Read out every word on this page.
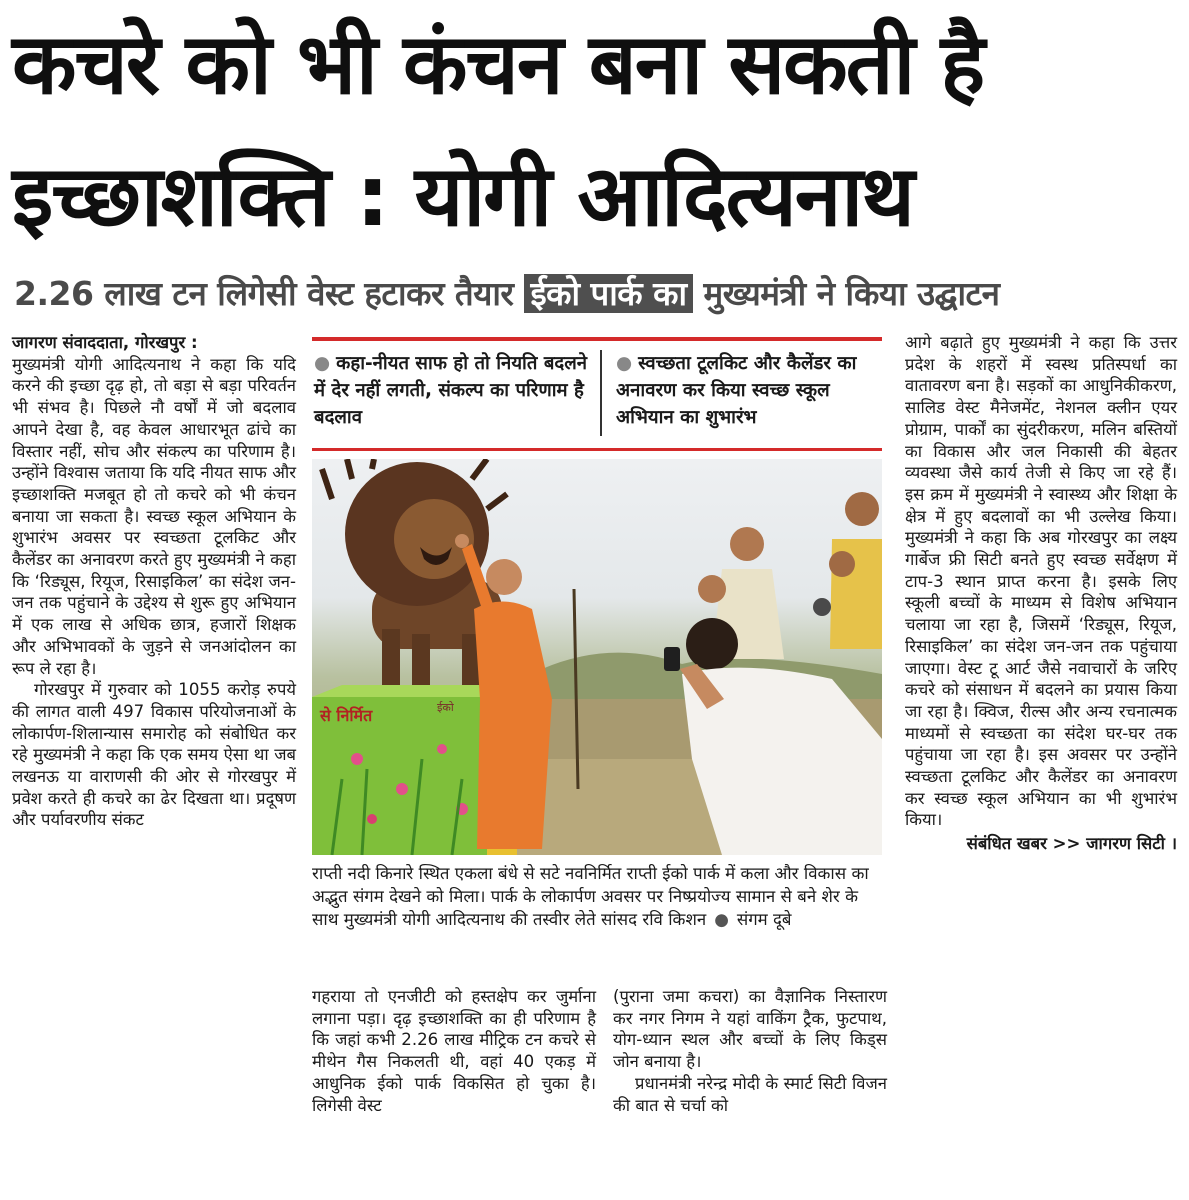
कचरे को भी कंचन बना सकती है
इच्छाशक्ति : योगी आदित्यनाथ
2.26 लाख टन लिगेसी वेस्ट हटाकर तैयार ईको पार्क का मुख्यमंत्री ने किया उद्घाटन

जागरण संवाददाता, गोरखपुर :

मुख्यमंत्री योगी आदित्यनाथ ने कहा कि यदि करने की इच्छा दृढ़ हो, तो बड़ा से बड़ा परिवर्तन भी संभव है। पिछले नौ वर्षों में जो बदलाव आपने देखा है, वह केवल आधारभूत ढांचे का विस्तार नहीं, सोच और संकल्प का परिणाम है। उन्होंने विश्वास जताया कि यदि नीयत साफ और इच्छाशक्ति मजबूत हो तो कचरे को भी कंचन बनाया जा सकता है। स्वच्छ स्कूल अभियान के शुभारंभ अवसर पर स्वच्छता टूलकिट और कैलेंडर का अनावरण करते हुए मुख्यमंत्री ने कहा कि ‘रिड्यूस, रियूज, रिसाइकिल’ का संदेश जन-जन तक पहुंचाने के उद्देश्य से शुरू हुए अभियान में एक लाख से अधिक छात्र, हजारों शिक्षक और अभिभावकों के जुड़ने से जनआंदोलन का रूप ले रहा है।

गोरखपुर में गुरुवार को 1055 करोड़ रुपये की लागत वाली 497 विकास परियोजनाओं के लोकार्पण-शिलान्यास समारोह को संबोधित कर रहे मुख्यमंत्री ने कहा कि एक समय ऐसा था जब लखनऊ या वाराणसी की ओर से गोरखपुर में प्रवेश करते ही कचरे का ढेर दिखता था। प्रदूषण और पर्यावरणीय संकट

● कहा-नीयत साफ हो तो नियति बदलने में देर नहीं लगती, संकल्प का परिणाम है बदलाव
● स्वच्छता टूलकिट और कैलेंडर का अनावरण कर किया स्वच्छ स्कूल अभियान का शुभारंभ
से निर्मित	ईको
राप्ती नदी किनारे स्थित एकला बंधे से सटे नवनिर्मित राप्ती ईको पार्क में कला और विकास का अद्भुत संगम देखने को मिला। पार्क के लोकार्पण अवसर पर निष्प्रयोज्य सामान से बने शेर के साथ मुख्यमंत्री योगी आदित्यनाथ की तस्वीर लेते सांसद रवि किशन ● संगम दूबे

गहराया तो एनजीटी को हस्तक्षेप कर जुर्माना लगाना पड़ा। दृढ़ इच्छाशक्ति का ही परिणाम है कि जहां कभी 2.26 लाख मीट्रिक टन कचरे से मीथेन गैस निकलती थी, वहां 40 एकड़ में आधुनिक ईको पार्क विकसित हो चुका है। लिगेसी वेस्ट

(पुराना जमा कचरा) का वैज्ञानिक निस्तारण कर नगर निगम ने यहां वाकिंग ट्रैक, फुटपाथ, योग-ध्यान स्थल और बच्चों के लिए किड्स जोन बनाया है।

प्रधानमंत्री नरेन्द्र मोदी के स्मार्ट सिटी विजन की बात से चर्चा को

आगे बढ़ाते हुए मुख्यमंत्री ने कहा कि उत्तर प्रदेश के शहरों में स्वस्थ प्रतिस्पर्धा का वातावरण बना है। सड़कों का आधुनिकीकरण, सालिड वेस्ट मैनेजमेंट, नेशनल क्लीन एयर प्रोग्राम, पार्कों का सुंदरीकरण, मलिन बस्तियों का विकास और जल निकासी की बेहतर व्यवस्था जैसे कार्य तेजी से किए जा रहे हैं। इस क्रम में मुख्यमंत्री ने स्वास्थ्य और शिक्षा के क्षेत्र में हुए बदलावों का भी उल्लेख किया। मुख्यमंत्री ने कहा कि अब गोरखपुर का लक्ष्य गार्बेज फ्री सिटी बनते हुए स्वच्छ सर्वेक्षण में टाप-3 स्थान प्राप्त करना है। इसके लिए स्कूली बच्चों के माध्यम से विशेष अभियान चलाया जा रहा है, जिसमें ‘रिड्यूस, रियूज, रिसाइकिल’ का संदेश जन-जन तक पहुंचाया जाएगा। वेस्ट टू आर्ट जैसे नवाचारों के जरिए कचरे को संसाधन में बदलने का प्रयास किया जा रहा है। क्विज, रील्स और अन्य रचनात्मक माध्यमों से स्वच्छता का संदेश घर-घर तक पहुंचाया जा रहा है। इस अवसर पर उन्होंने स्वच्छता टूलकिट और कैलेंडर का अनावरण कर स्वच्छ स्कूल अभियान का भी शुभारंभ किया।

संबंधित खबर >> जागरण सिटी ।
